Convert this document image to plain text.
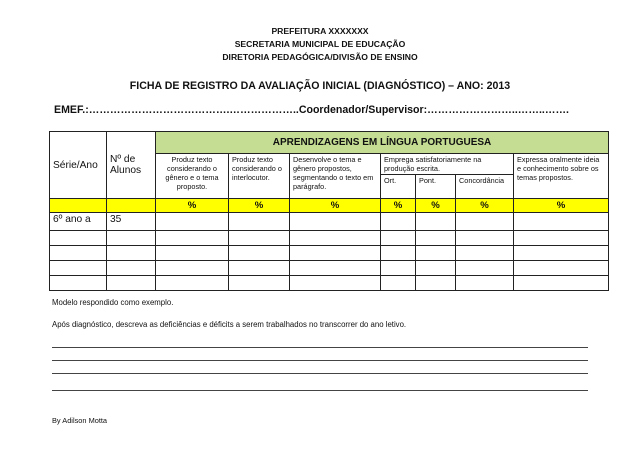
PREFEITURA XXXXXXX
SECRETARIA MUNICIPAL DE EDUCAÇÃO
DIRETORIA PEDAGÓGICA/DIVISÃO DE ENSINO
FICHA DE REGISTRO DA AVALIAÇÃO INICIAL (DIAGNÓSTICO) – ANO: 2013
EMEF.:………………………………….………………..Coordenador/Supervisor:……………………..……..…….
Série/Ano	Nº de Alunos	APRENDIZAGENS EM LÍNGUA PORTUGUESA						
		Produz texto considerando o gênero e o tema proposto.	Produz texto considerando o interlocutor.	Desenvolve o tema e gênero propostos, segmentando o texto em parágrafo.	Emprega satisfatoriamente na produção escrita.			Expressa oralmente ideia e conhecimento sobre os temas propostos.
					Ort.	Pont.	Concordância	
		%	%	%	%	%	%	%
6º ano a	35							

Modelo respondido como exemplo.
Após diagnóstico, descreva as deficiências e déficits a serem trabalhados no transcorrer do ano letivo.
By Adilson Motta
